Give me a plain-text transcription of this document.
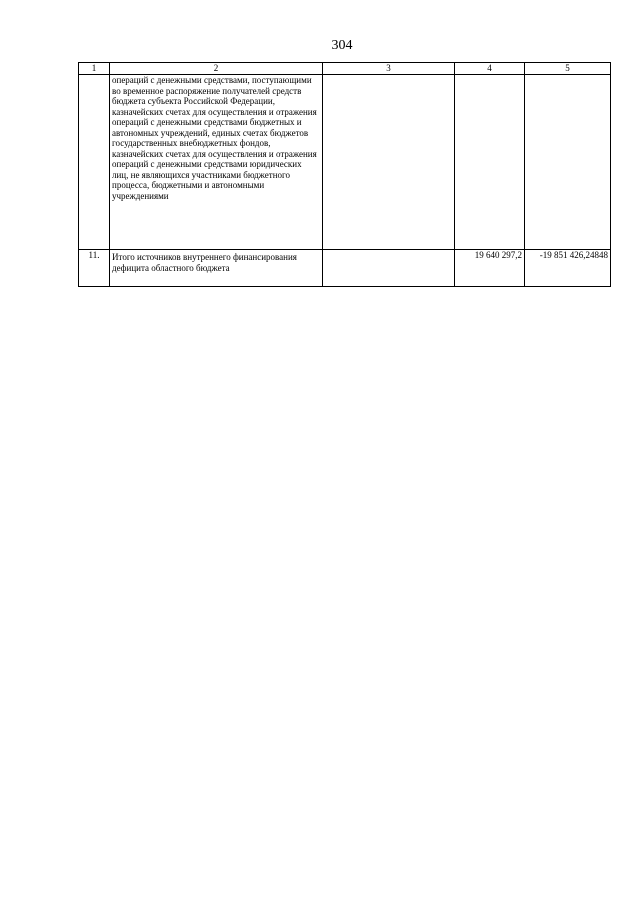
304
1	2	3	4	5
	операций с денежными средствами, поступающими во временное распоряжение получателей средств бюджета субъекта Российской Федерации, казначейских счетах для осуществления и отражения операций с денежными средствами бюджетных и автономных учреждений, единых счетах бюджетов государственных внебюджетных фондов, казначейских счетах для осуществления и отражения операций с денежными средствами юридических лиц, не являющихся участниками бюджетного процесса, бюджетными и автономными учреждениями			
11.	Итого источников внутреннего финансирования дефицита областного бюджета		19 640 297,2	-19 851 426,24848
